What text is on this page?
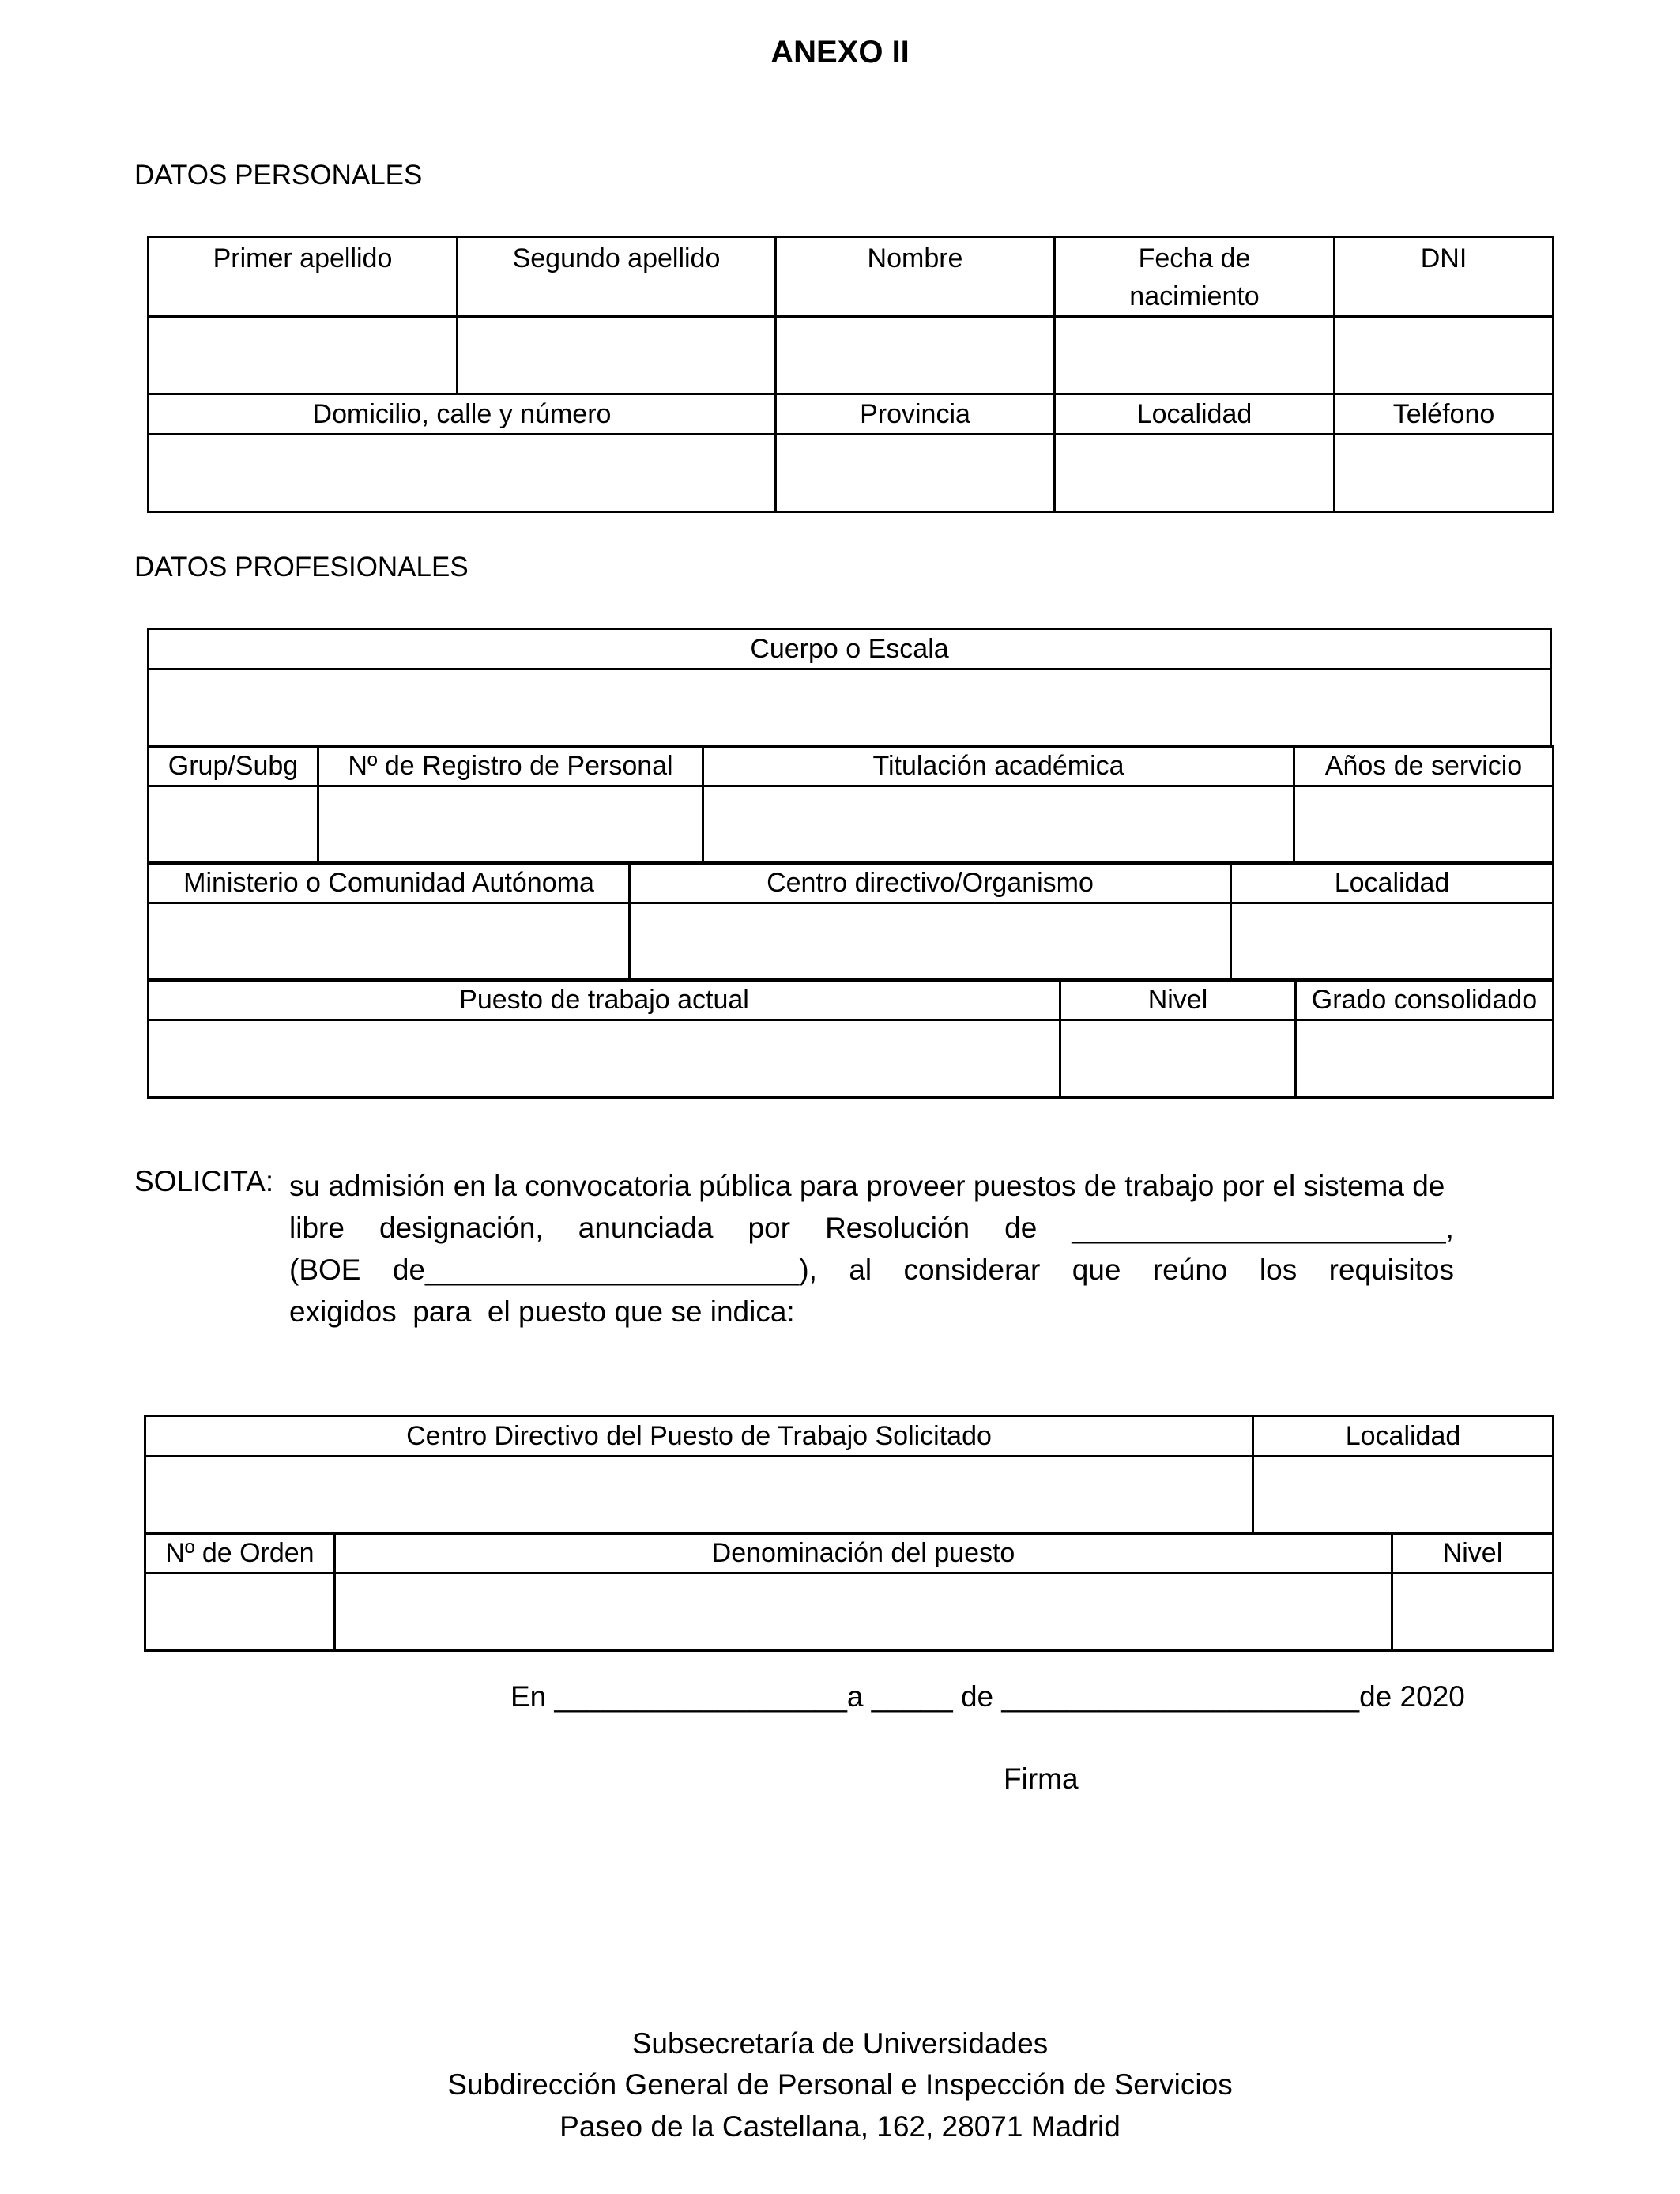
ANEXO II
DATOS PERSONALES
Primer apellido	Segundo apellido	Nombre	Fecha de nacimiento	DNI

Domicilio, calle y número		Provincia	Localidad	Teléfono

DATOS PROFESIONALES
Cuerpo o Escala

Grup/Subg	Nº de Registro de Personal	Titulación académica	Años de servicio

Ministerio o Comunidad Autónoma	Centro directivo/Organismo	Localidad

Puesto de trabajo actual	Nivel	Grado consolidado

SOLICITA: su admisión en la convocatoria pública para proveer puestos de trabajo por el sistema de
libre designación, anunciada por Resolución de _______________________,
(BOE de_______________________), al considerar que reúno los requisitos
exigidos  para  el puesto que se indica:
Centro Directivo del Puesto de Trabajo Solicitado	Localidad

Nº de Orden	Denominación del puesto	Nivel

En __________________a _____ de ______________________de 2020
Firma
Subsecretaría de Universidades
Subdirección General de Personal e Inspección de Servicios
Paseo de la Castellana, 162, 28071 Madrid
